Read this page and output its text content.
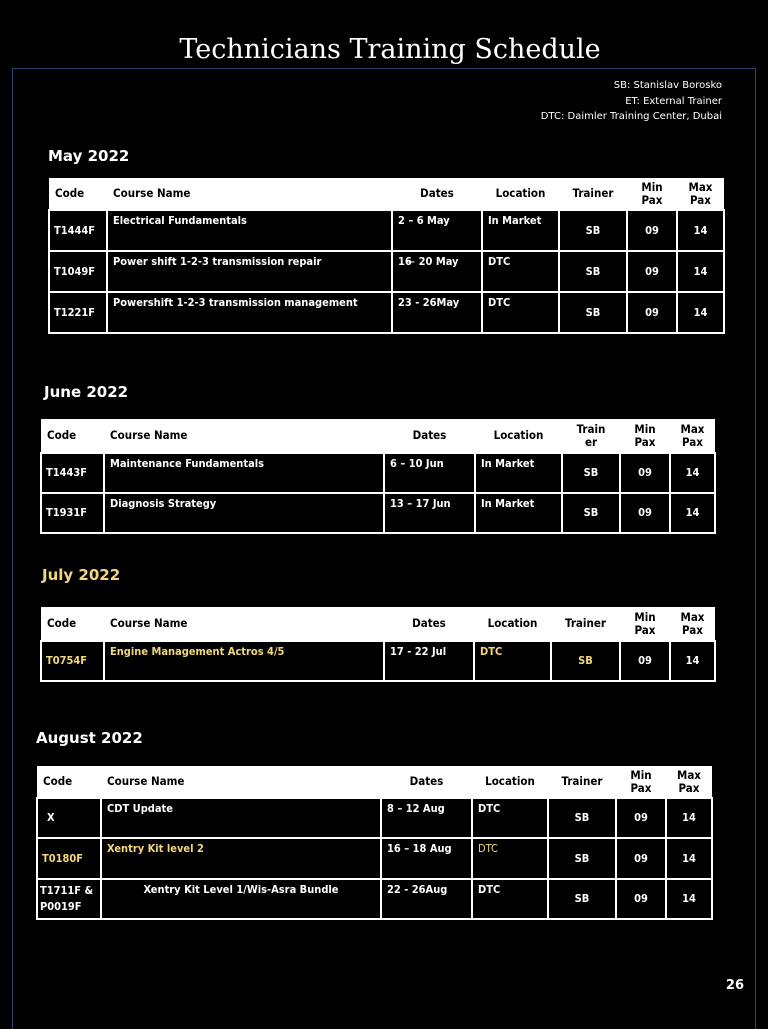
Technicians Training Schedule
SB: Stanislav Borosko
ET: External Trainer
DTC: Daimler Training Center, Dubai
May 2022
Code	Course Name	Dates	Location	Trainer	Min Pax	Max Pax
T1444F	Electrical Fundamentals	2 – 6 May	In Market	SB	09	14
T1049F	Power shift 1-2-3 transmission repair	16 ̶ 20 May	DTC	SB	09	14
T1221F	Powershift 1-2-3 transmission management	23 - 26May	DTC	SB	09	14
June 2022
Code	Course Name	Dates	Location	Train er	Min Pax	Max Pax
T1443F	Maintenance Fundamentals	6 – 10 Jun	In Market	SB	09	14
T1931F	Diagnosis Strategy	13 – 17 Jun	In Market	SB	09	14
July 2022
Code	Course Name	Dates	Location	Trainer	Min Pax	Max Pax
T0754F	Engine Management Actros 4/5	17 - 22 Jul	DTC	SB	09	14
August 2022
Code	Course Name	Dates	Location	Trainer	Min Pax	Max Pax
X	CDT Update	8 – 12 Aug	DTC	SB	09	14
T0180F	Xentry Kit level 2	16 – 18 Aug	DTC	SB	09	14
T1711F & P0019F	Xentry Kit Level 1/Wis-Asra Bundle	22 - 26Aug	DTC	SB	09	14
26
